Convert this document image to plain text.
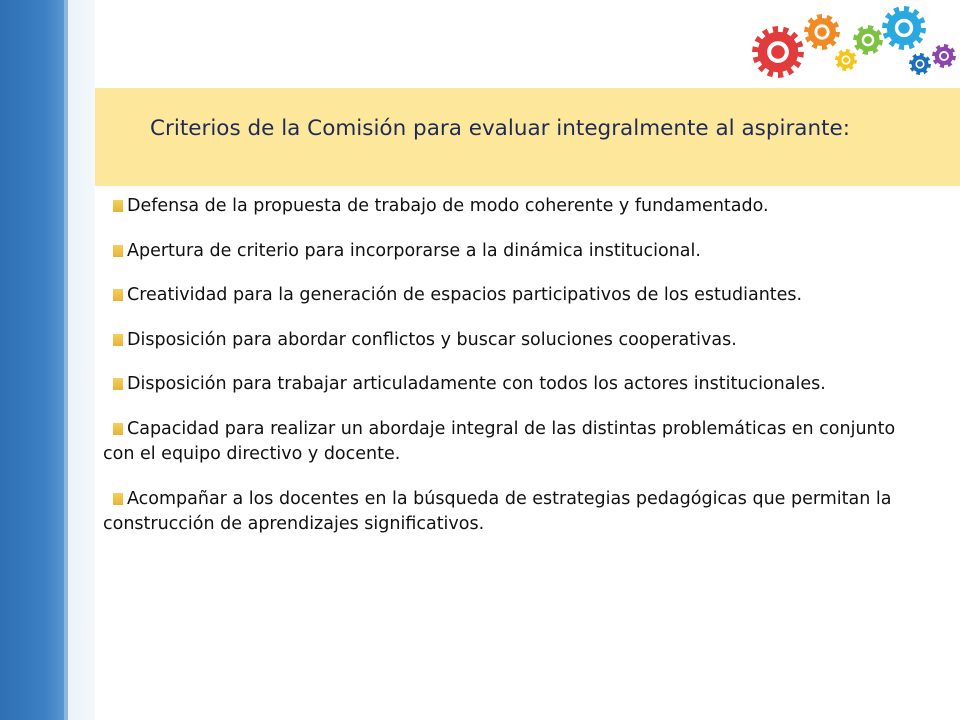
Criterios de la Comisión para evaluar integralmente al aspirante:
Defensa de la propuesta de trabajo de modo coherente y fundamentado.
Apertura de criterio para incorporarse a la dinámica institucional.
Creatividad para la generación de espacios participativos de los estudiantes.
Disposición para abordar conflictos y buscar soluciones cooperativas.
Disposición para trabajar articuladamente con todos los actores institucionales.
Capacidad para realizar un abordaje integral de las distintas problemáticas en conjunto con el equipo directivo y docente.
Acompañar a los docentes en la búsqueda de estrategias pedagógicas que permitan la construcción de aprendizajes significativos.
